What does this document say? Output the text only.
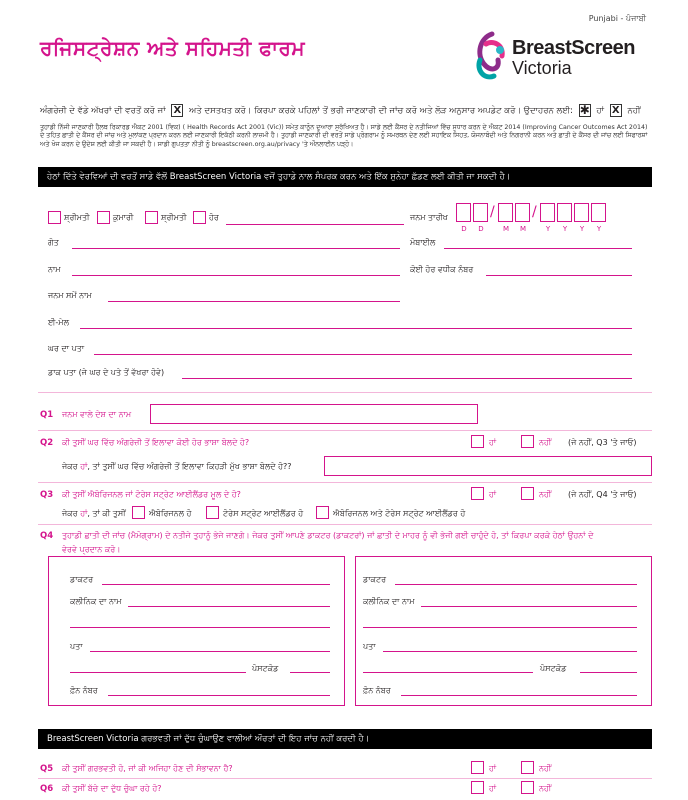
Punjabi - ਪੰਜਾਬੀ
ਰਜਿਸਟ੍ਰੇਸ਼ਨ ਅਤੇ ਸਹਿਮਤੀ ਫਾਰਮ	BreastScreen
Victoria
ਅੰਗਰੇਜ਼ੀ ਦੇ ਵੱਡੇ ਅੱਖਰਾਂ ਦੀ ਵਰਤੋਂ ਕਰੋ ਜਾਂ X ਅਤੇ ਦਸਤਖਤ ਕਰੋ। ਕਿਰਪਾ ਕਰਕੇ ਪਹਿਲਾਂ ਤੋਂ ਭਰੀ ਜਾਣਕਾਰੀ ਦੀ ਜਾਂਚ ਕਰੋ ਅਤੇ ਲੋੜ ਅਨੁਸਾਰ ਅਪਡੇਟ ਕਰੋ। ਉਦਾਹਰਨ ਲਈ: ✱ ਹਾਂ X ਨਹੀਂ
ਤੁਹਾਡੀ ਨਿੱਜੀ ਜਾਣਕਾਰੀ ਹੈਲਥ ਰਿਕਾਰਡ ਐਕਟ 2001 (ਵਿਕ) ( Health Records Act 2001 (Vic)) ਸਮੇਤ ਕਾਨੂੰਨ ਦੁਆਰਾ ਸੁਰੱਖਿਅਤ ਹੈ। ਸਾਡੇ ਲਈ ਕੈਂਸਰ ਦੇ ਨਤੀਜਿਆਂ ਵਿੱਚ ਸੁਧਾਰ ਕਰਨ ਦੇ ਐਕਟ 2014 (Improving Cancer Outcomes Act 2014) ਦੇ ਤਹਿਤ ਛਾਤੀ ਦੇ ਕੈਂਸਰ ਦੀ ਜਾਂਚ ਅਤੇ ਮੁਲਾਂਕਣ ਪ੍ਰਦਾਨ ਕਰਨ ਲਈ ਜਾਣਕਾਰੀ ਇਕੱਠੀ ਕਰਨੀ ਲਾਜ਼ਮੀ ਹੈ। ਤੁਹਾਡੀ ਜਾਣਕਾਰੀ ਦੀ ਵਰਤੋਂ ਸਾਡੇ ਪ੍ਰੋਗਰਾਮ ਨੂੰ ਸਮਰਥਨ ਦੇਣ ਲਈ ਸਹਾਇਕ ਸਿਹਤ, ਯੋਜਨਾਬੰਦੀ ਅਤੇ ਨਿਗਰਾਨੀ ਕਰਨ ਅਤੇ ਛਾਤੀ ਦੇ ਕੈਂਸਰ ਦੀ ਜਾਂਚ ਲਈ ਸਿਫਾਰਸ਼ਾਂ ਅਤੇ ਖੋਜ ਕਰਨ ਦੇ ਉਦੇਸ਼ ਲਈ ਕੀਤੀ ਜਾ ਸਕਦੀ ਹੈ। ਸਾਡੀ ਗੁਪਤਤਾ ਨੀਤੀ ਨੂੰ breastscreen.org.au/privacy 'ਤੇ ਔਨਲਾਈਨ ਪੜ੍ਹੋ।
ਹੇਠਾਂ ਦਿੱਤੇ ਵੇਰਵਿਆਂ ਦੀ ਵਰਤੋਂ ਸਾਡੇ ਵੱਲੋਂ BreastScreen Victoria ਵਜੋਂ ਤੁਹਾਡੇ ਨਾਲ ਸੰਪਰਕ ਕਰਨ ਅਤੇ ਇੱਕ ਸੁਨੇਹਾ ਛੱਡਣ ਲਈ ਕੀਤੀ ਜਾ ਸਕਦੀ ਹੈ।
ਸ਼੍ਰੀਮਤੀ	ਕੁਮਾਰੀ	ਸ਼੍ਰੀਮਤੀ	ਹੋਰ	ਜਨਮ ਤਾਰੀਖ	/	/
D	D	M	M	Y	Y	Y	Y
ਗੋਤ	ਮੋਬਾਈਲ
ਨਾਮ	ਕੋਈ ਹੋਰ ਵਧੀਕ ਨੰਬਰ
ਜਨਮ ਸਮੇਂ ਨਾਮ
ਈ-ਮੇਲ
ਘਰ ਦਾ ਪਤਾ
ਡਾਕ ਪਤਾ (ਜੇ ਘਰ ਦੇ ਪਤੇ ਤੋਂ ਵੱਖਰਾ ਹੋਵੇ)
Q1 ਜਨਮ ਵਾਲੇ ਦੇਸ਼ ਦਾ ਨਾਮ
Q2 ਕੀ ਤੁਸੀਂ ਘਰ ਵਿੱਚ ਅੰਗਰੇਜ਼ੀ ਤੋਂ ਇਲਾਵਾ ਕੋਈ ਹੋਰ ਭਾਸ਼ਾ ਬੋਲਦੇ ਹੋ?	ਹਾਂ	ਨਹੀਂ (ਜੇ ਨਹੀਂ, Q3 'ਤੇ ਜਾਓ)
ਜੇਕਰ ਹਾਂ, ਤਾਂ ਤੁਸੀਂ ਘਰ ਵਿੱਚ ਅੰਗਰੇਜ਼ੀ ਤੋਂ ਇਲਾਵਾ ਕਿਹੜੀ ਮੁੱਖ ਭਾਸ਼ਾ ਬੋਲਦੇ ਹੋ??
Q3 ਕੀ ਤੁਸੀਂ ਐਬੋਰਿਜਨਲ ਜਾਂ ਟੋਰੇਸ ਸਟ੍ਰੇਟ ਆਈਲੈਂਡਰ ਮੂਲ ਦੇ ਹੋ?	ਹਾਂ	ਨਹੀਂ (ਜੇ ਨਹੀਂ, Q4 'ਤੇ ਜਾਓ)
ਜੇਕਰ ਹਾਂ, ਤਾਂ ਕੀ ਤੁਸੀਂ	ਐਬੋਰਿਜਨਲ ਹੋ	ਟੋਰੇਸ ਸਟ੍ਰੇਟ ਆਈਲੈਂਡਰ ਹੋ	ਐਬੋਰਿਜਨਲ ਅਤੇ ਟੋਰੇਸ ਸਟ੍ਰੇਟ ਆਈਲੈਂਡਰ ਹੋ
Q4 ਤੁਹਾਡੀ ਛਾਤੀ ਦੀ ਜਾਂਚ (ਮੈਮੋਗ੍ਰਾਮ) ਦੇ ਨਤੀਜੇ ਤੁਹਾਨੂੰ ਭੇਜੇ ਜਾਣਗੇ। ਜੇਕਰ ਤੁਸੀਂ ਆਪਣੇ ਡਾਕਟਰ (ਡਾਕਟਰਾਂ) ਜਾਂ ਛਾਤੀ ਦੇ ਮਾਹਰ ਨੂੰ ਵੀ ਭੇਜੀ ਗਈ ਚਾਹੁੰਦੇ ਹੋ, ਤਾਂ ਕਿਰਪਾ ਕਰਕੇ ਹੇਠਾਂ ਉਹਨਾਂ ਦੇ
ਵੇਰਵੇ ਪ੍ਰਦਾਨ ਕਰੋ।
ਡਾਕਟਰ
ਕਲੀਨਿਕ ਦਾ ਨਾਮ
ਪਤਾ
ਪੋਸਟਕੋਡ
ਫ਼ੋਨ ਨੰਬਰ
ਡਾਕਟਰ
ਕਲੀਨਿਕ ਦਾ ਨਾਮ
ਪਤਾ
ਪੋਸਟਕੋਡ
ਫ਼ੋਨ ਨੰਬਰ
BreastScreen Victoria ਗਰਭਵਤੀ ਜਾਂ ਦੁੱਧ ਚੁੰਘਾਉਣ ਵਾਲੀਆਂ ਔਰਤਾਂ ਦੀ ਇਹ ਜਾਂਚ ਨਹੀਂ ਕਰਦੀ ਹੈ।
Q5 ਕੀ ਤੁਸੀਂ ਗਰਭਵਤੀ ਹੋ, ਜਾਂ ਕੀ ਅਜਿਹਾ ਹੋਣ ਦੀ ਸੰਭਾਵਨਾ ਹੈ?	ਹਾਂ	ਨਹੀਂ
Q6 ਕੀ ਤੁਸੀਂ ਬੱਚੇ ਦਾ ਦੁੱਧ ਚੁੰਘਾ ਰਹੇ ਹੋ?	ਹਾਂ	ਨਹੀਂ
